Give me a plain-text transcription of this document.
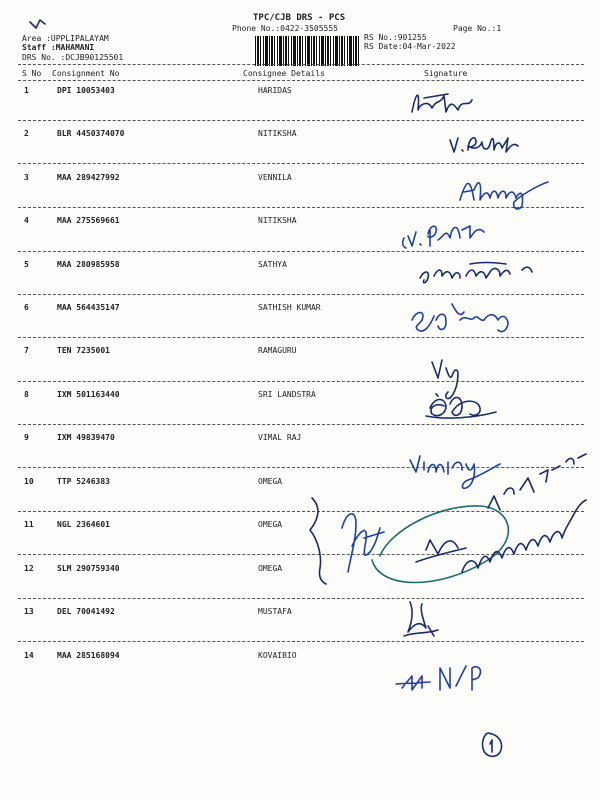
TPC/CJB DRS - PCS
Phone No.:0422-3505555	Page No.:1
Area :UPPLIPALAYAM
Staff :MAHAMANI
DRS No. :DCJB90125501
RS No.:901255
RS Date:04-Mar-2022
S No Consignment No	Consignee Details	Signature
1	DPI 10053403	HARIDAS
2	BLR 4450374070	NITIKSHA
3	MAA 289427992	VENNILA
4	MAA 275569661	NITIKSHA
5	MAA 280985958	SATHYA
6	MAA 564435147	SATHISH KUMAR
7	TEN 7235001	RAMAGURU
8	IXM 501163440	SRI LANDSTRA
9	IXM 49839470	VIMAL RAJ
10	TTP 5246383	OMEGA
11	NGL 2364601	OMEGA
12	SLM 290759340	OMEGA
13	DEL 70041492	MUSTAFA
14	MAA 285168094	KOVAIBIO
